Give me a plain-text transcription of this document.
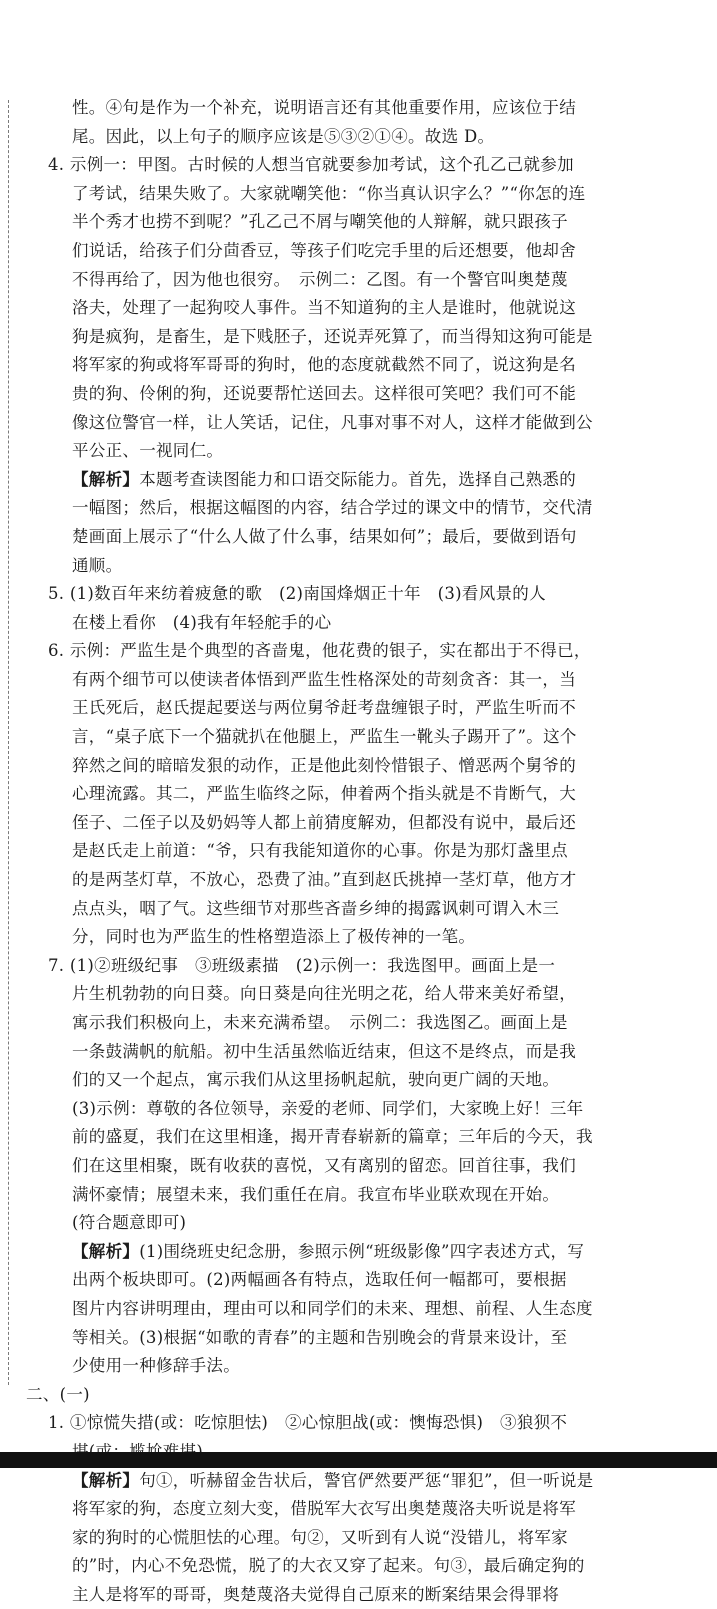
性。④句是作为一个补充，说明语言还有其他重要作用，应该位于结

尾。因此，以上句子的顺序应该是⑤③②①④。故选 D。

4. 示例一：甲图。古时候的人想当官就要参加考试，这个孔乙己就参加

了考试，结果失败了。大家就嘲笑他：“你当真认识字么？”“你怎的连

半个秀才也捞不到呢？”孔乙己不屑与嘲笑他的人辩解，就只跟孩子

们说话，给孩子们分茴香豆，等孩子们吃完手里的后还想要，他却舍

不得再给了，因为他也很穷。　示例二：乙图。有一个警官叫奥楚蔑

洛夫，处理了一起狗咬人事件。当不知道狗的主人是谁时，他就说这

狗是疯狗，是畜生，是下贱胚子，还说弄死算了，而当得知这狗可能是

将军家的狗或将军哥哥的狗时，他的态度就截然不同了，说这狗是名

贵的狗、伶俐的狗，还说要帮忙送回去。这样很可笑吧？我们可不能

像这位警官一样，让人笑话，记住，凡事对事不对人，这样才能做到公

平公正、一视同仁。

【解析】本题考查读图能力和口语交际能力。首先，选择自己熟悉的

一幅图；然后，根据这幅图的内容，结合学过的课文中的情节，交代清

楚画面上展示了“什么人做了什么事，结果如何”；最后，要做到语句

通顺。

5. (1)数百年来纺着疲惫的歌　(2)南国烽烟正十年　(3)看风景的人

在楼上看你　(4)我有年轻舵手的心

6. 示例：严监生是个典型的吝啬鬼，他花费的银子，实在都出于不得已，

有两个细节可以使读者体悟到严监生性格深处的苛刻贪吝：其一，当

王氏死后，赵氏提起要送与两位舅爷赶考盘缠银子时，严监生听而不

言，“桌子底下一个猫就扒在他腿上，严监生一靴头子踢开了”。这个

猝然之间的暗暗发狠的动作，正是他此刻怜惜银子、憎恶两个舅爷的

心理流露。其二，严监生临终之际，伸着两个指头就是不肯断气，大

侄子、二侄子以及奶妈等人都上前猜度解劝，但都没有说中，最后还

是赵氏走上前道：“爷，只有我能知道你的心事。你是为那灯盏里点

的是两茎灯草，不放心，恐费了油。”直到赵氏挑掉一茎灯草，他方才

点点头，咽了气。这些细节对那些吝啬乡绅的揭露讽刺可谓入木三

分，同时也为严监生的性格塑造添上了极传神的一笔。

7. (1)②班级纪事　③班级素描　(2)示例一：我选图甲。画面上是一

片生机勃勃的向日葵。向日葵是向往光明之花，给人带来美好希望，

寓示我们积极向上，未来充满希望。　示例二：我选图乙。画面上是

一条鼓满帆的航船。初中生活虽然临近结束，但这不是终点，而是我

们的又一个起点，寓示我们从这里扬帆起航，驶向更广阔的天地。

(3)示例：尊敬的各位领导，亲爱的老师、同学们，大家晚上好！三年

前的盛夏，我们在这里相逢，揭开青春崭新的篇章；三年后的今天，我

们在这里相聚，既有收获的喜悦，又有离别的留恋。回首往事，我们

满怀豪情；展望未来，我们重任在肩。我宣布毕业联欢现在开始。

(符合题意即可)

【解析】(1)围绕班史纪念册，参照示例“班级影像”四字表述方式，写

出两个板块即可。(2)两幅画各有特点，选取任何一幅都可，要根据

图片内容讲明理由，理由可以和同学们的未来、理想、前程、人生态度

等相关。(3)根据“如歌的青春”的主题和告别晚会的背景来设计，至

少使用一种修辞手法。

二、(一)

1. ①惊慌失措(或：吃惊胆怯)　②心惊胆战(或：懊悔恐惧)　③狼狈不

【解析】句①，听赫留金告状后，警官俨然要严惩“罪犯”，但一听说是

将军家的狗，态度立刻大变，借脱军大衣写出奥楚蔑洛夫听说是将军

家的狗时的心慌胆怯的心理。句②，又听到有人说“没错儿，将军家

的”时，内心不免恐慌，脱了的大衣又穿了起来。句③，最后确定狗的

主人是将军的哥哥，奥楚蔑洛夫觉得自己原来的断案结果会得罪将
